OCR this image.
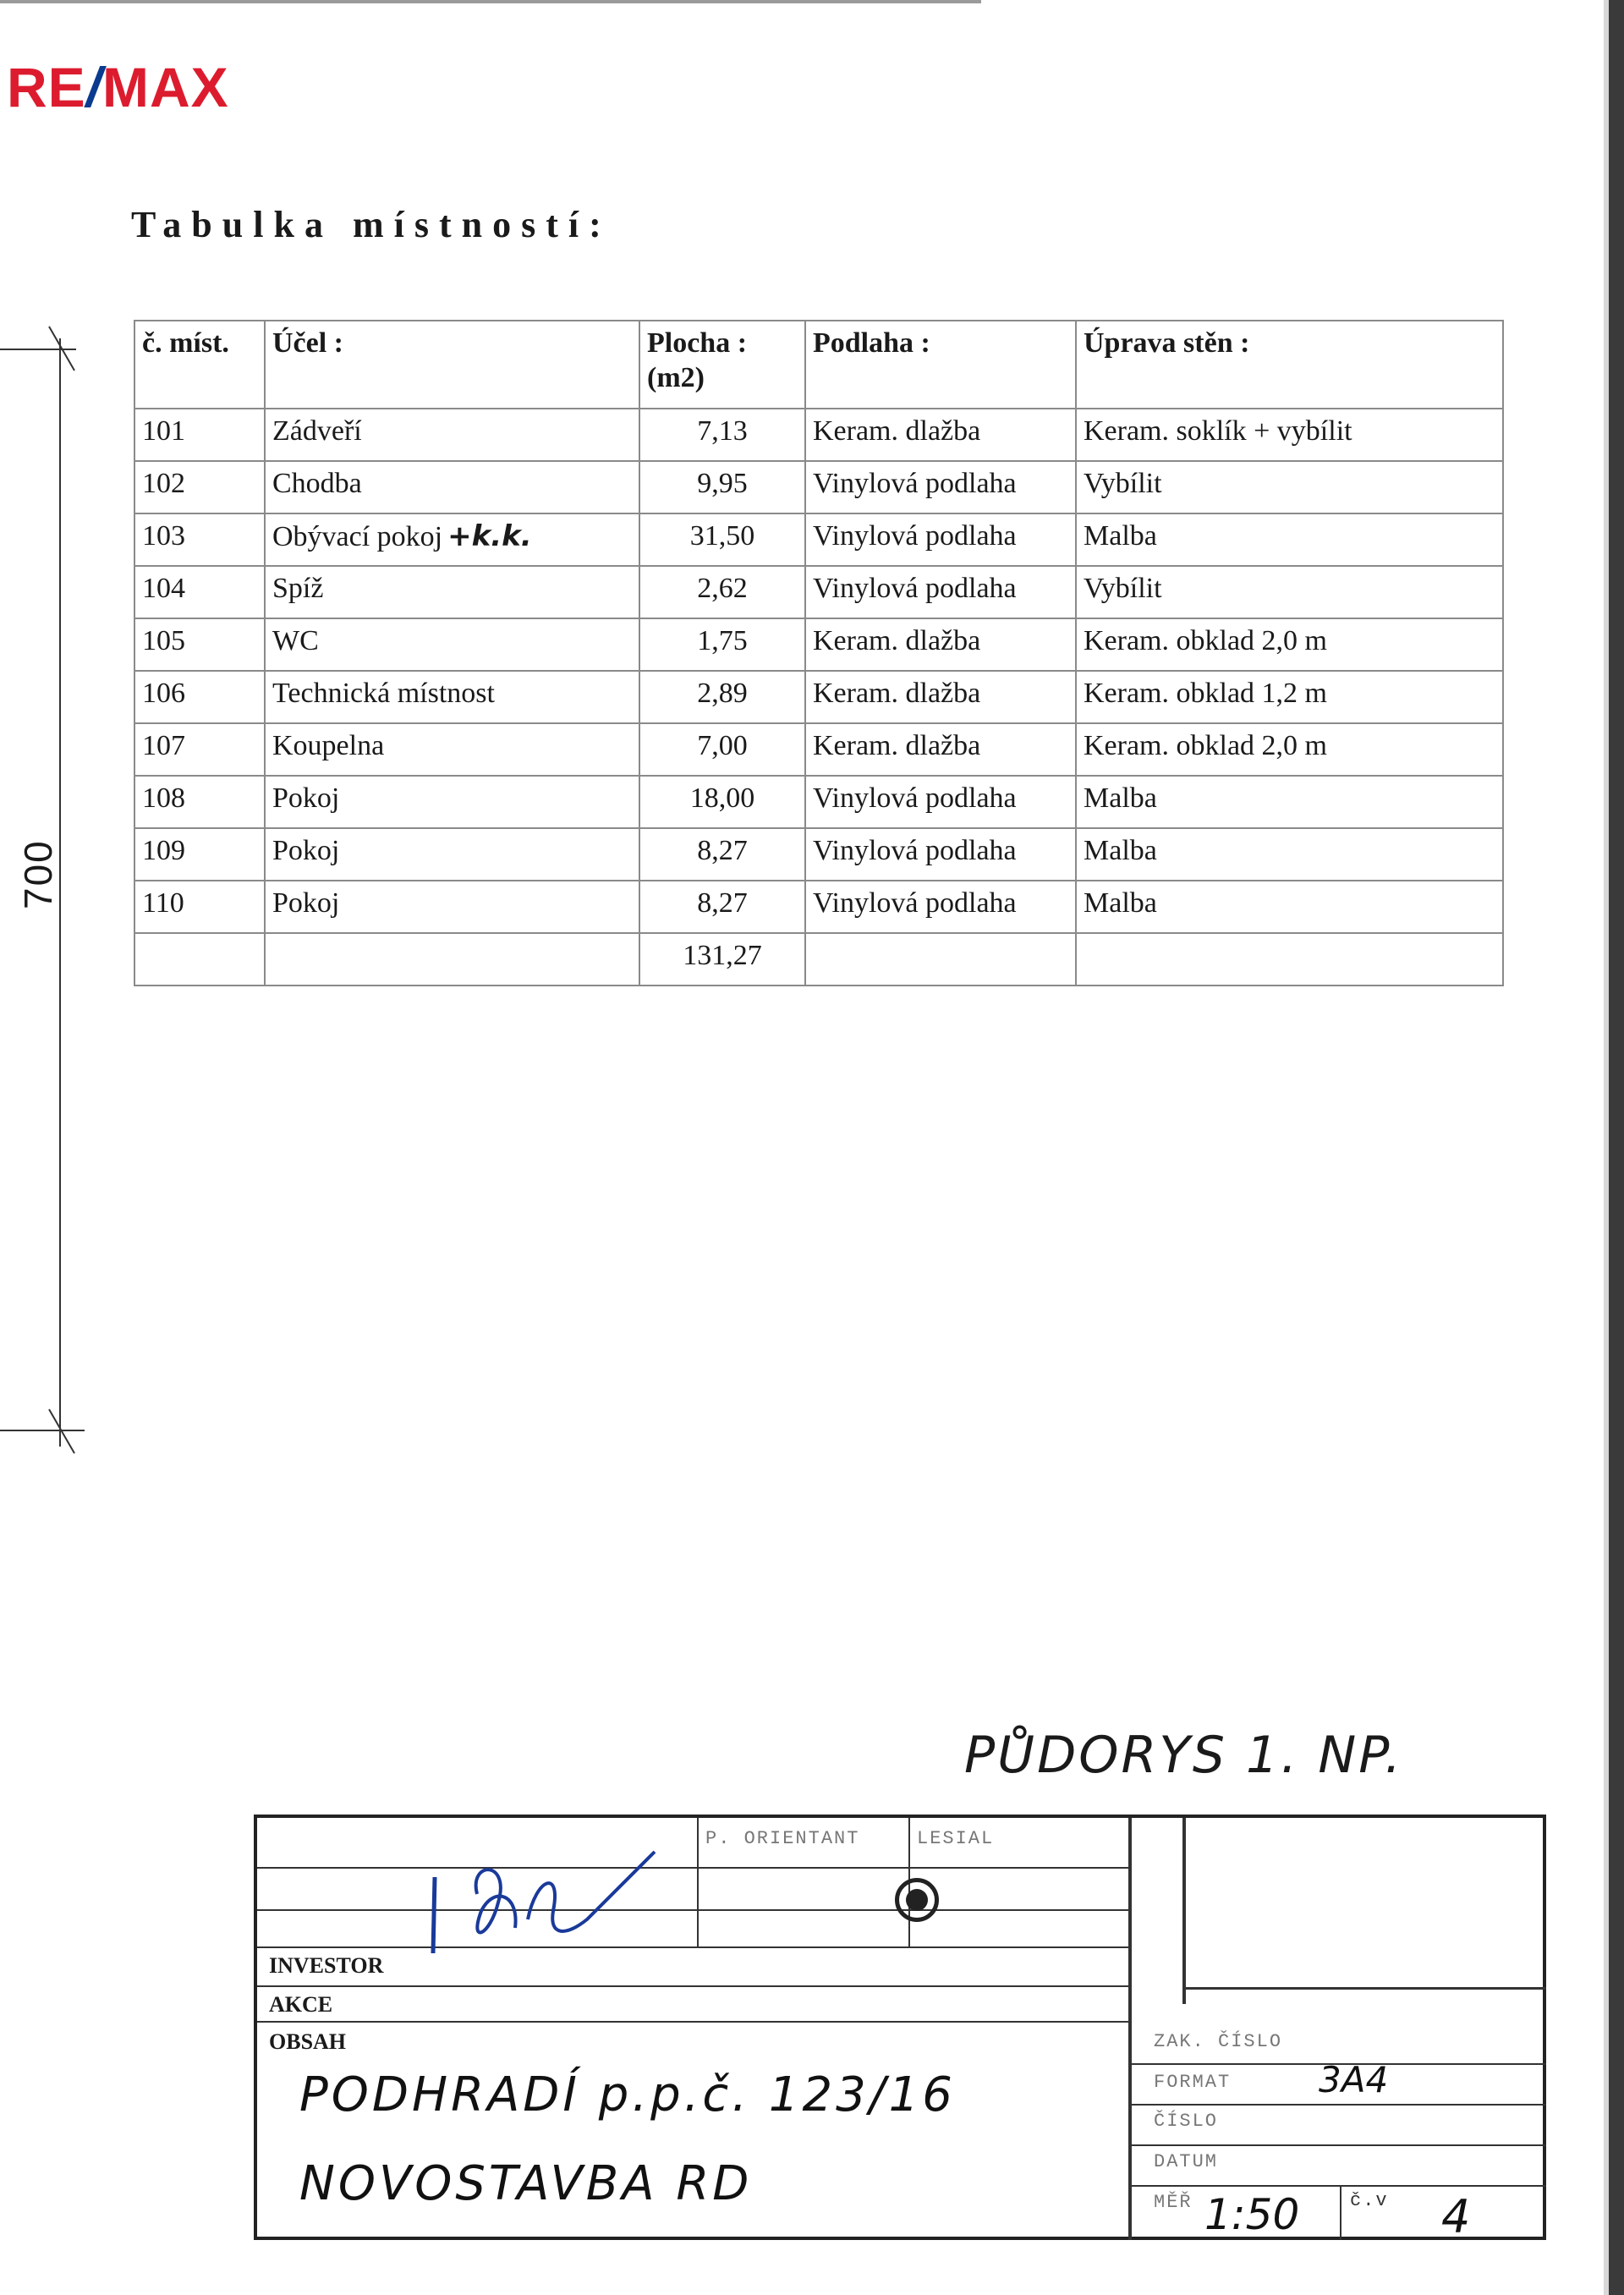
RE/MAX
Tabulka místností:
700
č. míst.	Účel :	Plocha : (m2)	Podlaha :	Úprava stěn :
101	Zádveří	7,13	Keram. dlažba	Keram. soklík + vybílit
102	Chodba	9,95	Vinylová podlaha	Vybílit
103	Obývací pokoj +k.k.	31,50	Vinylová podlaha	Malba
104	Spíž	2,62	Vinylová podlaha	Vybílit
105	WC	1,75	Keram. dlažba	Keram. obklad 2,0 m
106	Technická místnost	2,89	Keram. dlažba	Keram. obklad 1,2 m
107	Koupelna	7,00	Keram. dlažba	Keram. obklad 2,0 m
108	Pokoj	18,00	Vinylová podlaha	Malba
109	Pokoj	8,27	Vinylová podlaha	Malba
110	Pokoj	8,27	Vinylová podlaha	Malba
		131,27		
PŮDORYS 1. NP.
P. ORIENTANT	LESIAL
INVESTOR
AKCE
OBSAH
PODHRADÍ p.p.č. 123/16
NOVOSTAVBA RD
ZAK. ČÍSLO
FORMAT
ČÍSLO
DATUM
MĚŘ
3A4
1:50	č.v 4
